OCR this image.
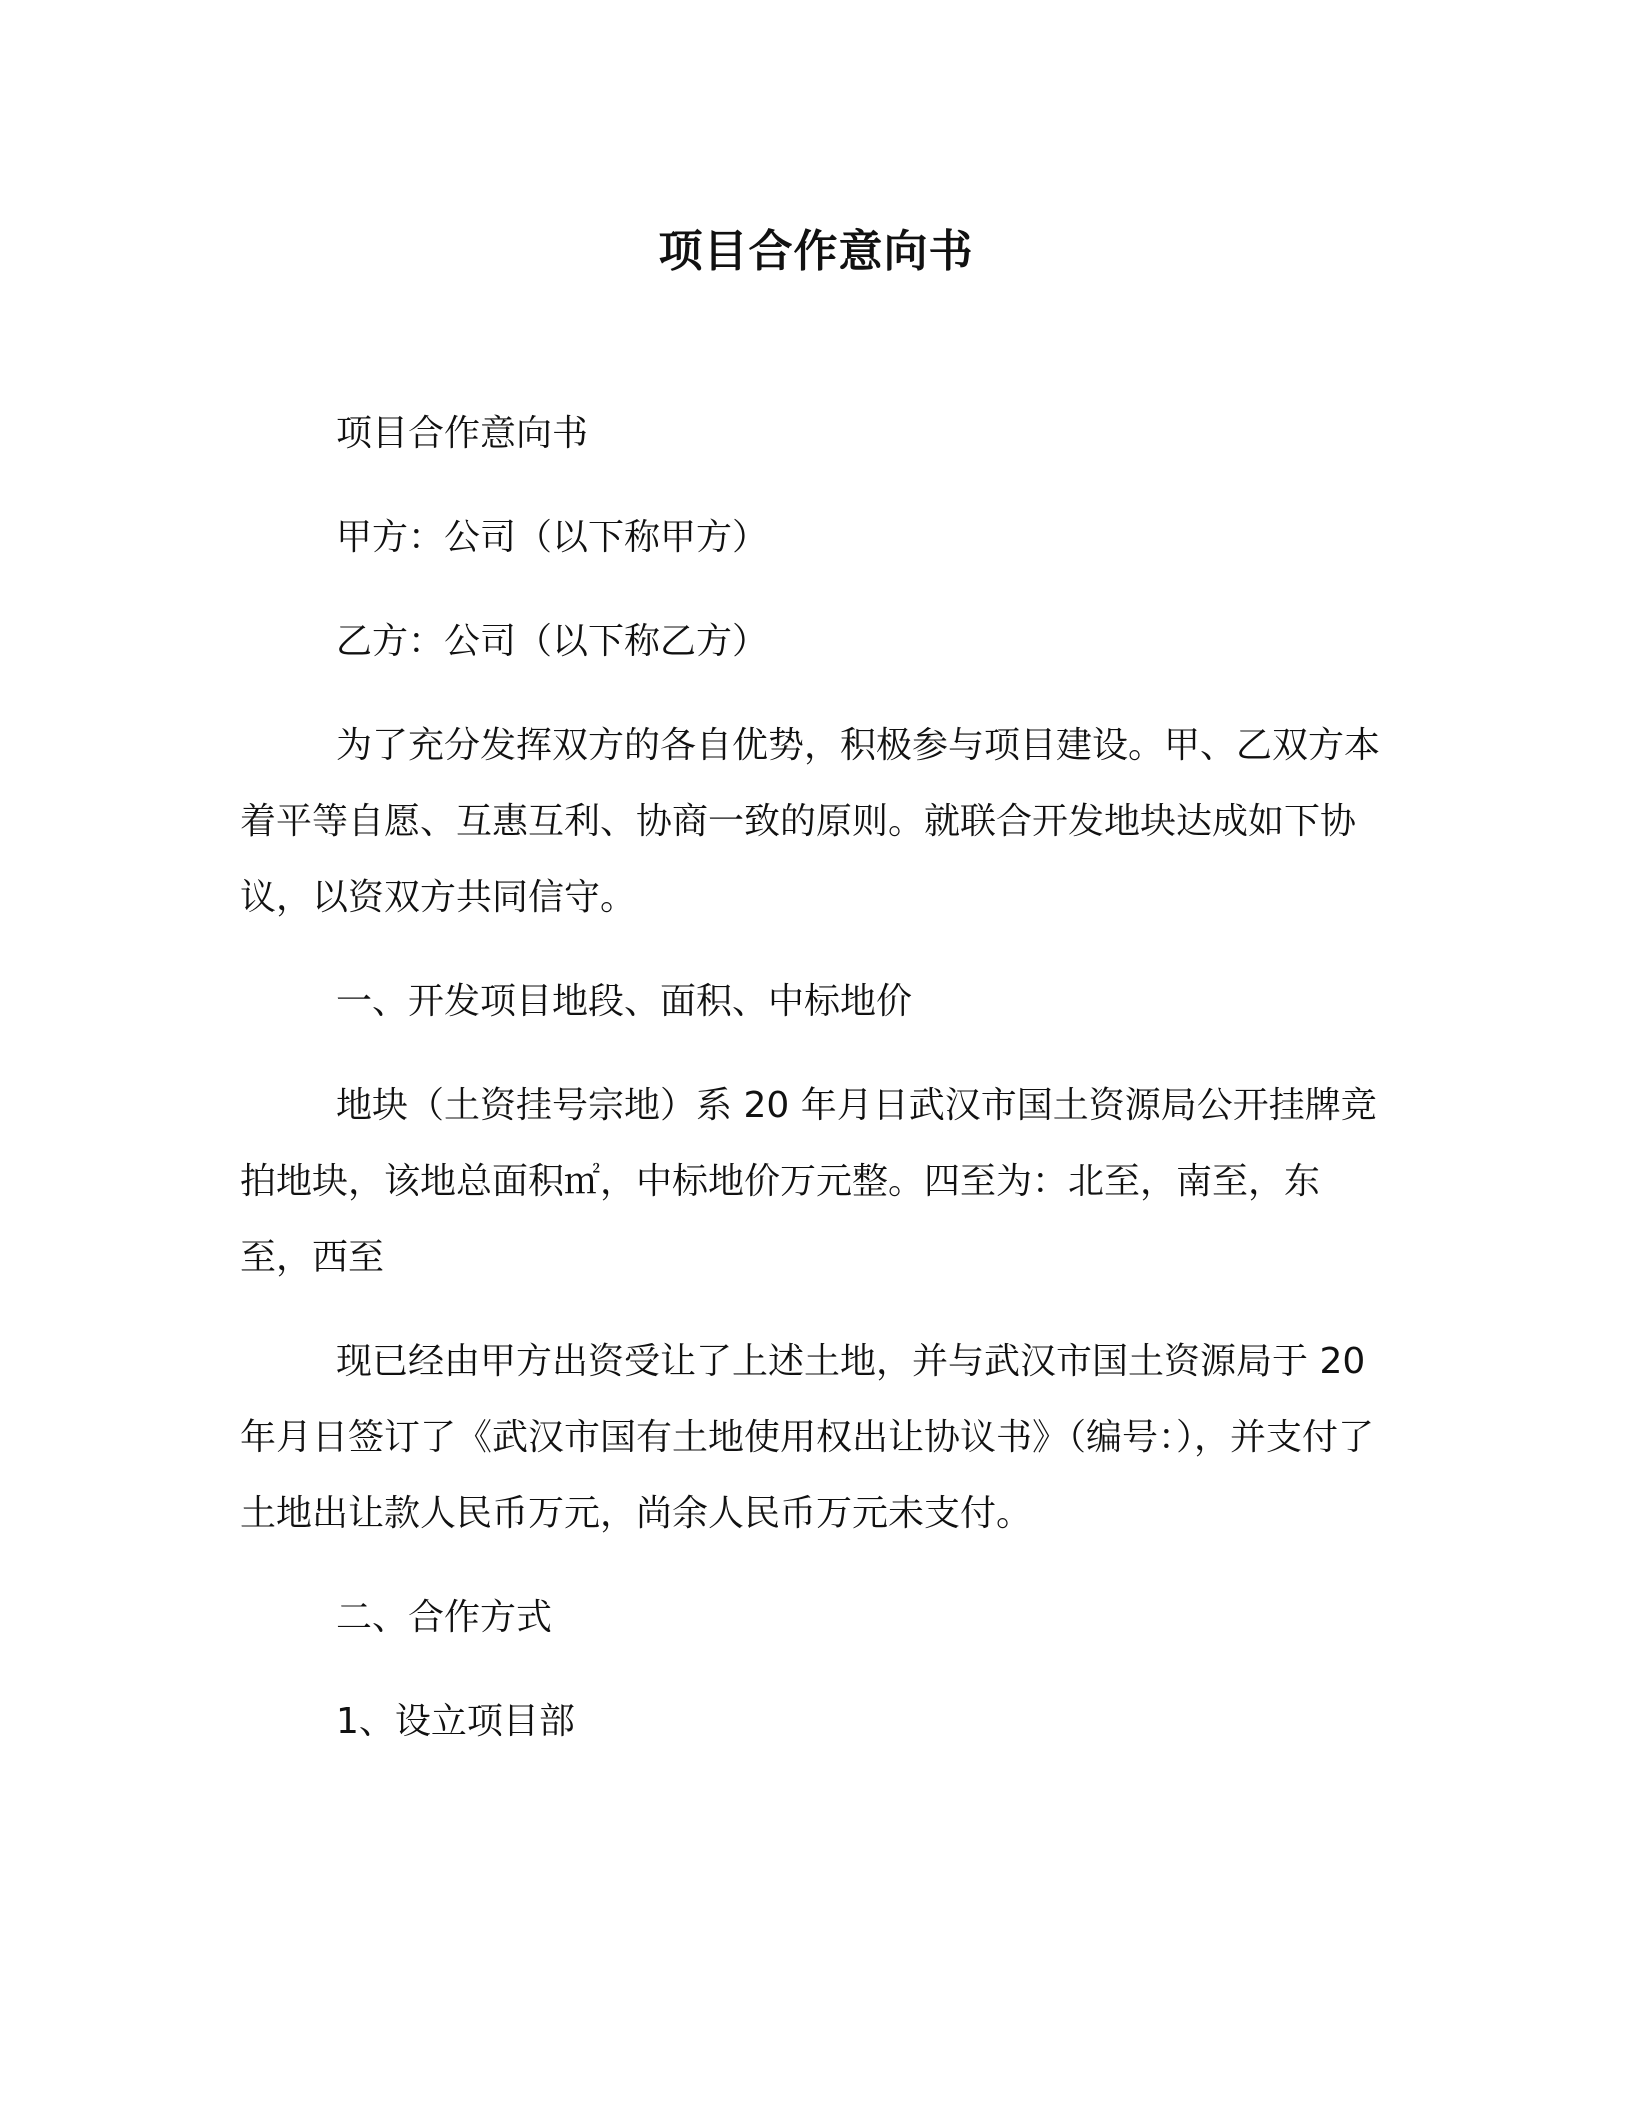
项目合作意向书

项目合作意向书

甲方：公司（以下称甲方）

乙方：公司（以下称乙方）

为了充分发挥双方的各自优势，积极参与项目建设。甲、乙双方本着平等自愿、互惠互利、协商一致的原则。就联合开发地块达成如下协议，以资双方共同信守。

一、开发项目地段、面积、中标地价

地块（土资挂号宗地）系 20 年月日武汉市国土资源局公开挂牌竞拍地块，该地总面积㎡，中标地价万元整。四至为：北至，南至，东至，西至

现已经由甲方出资受让了上述土地，并与武汉市国土资源局于 20 年月日签订了《武汉市国有土地使用权出让协议书》（编号：），并支付了土地出让款人民币万元，尚余人民币万元未支付。

二、合作方式

1、设立项目部
